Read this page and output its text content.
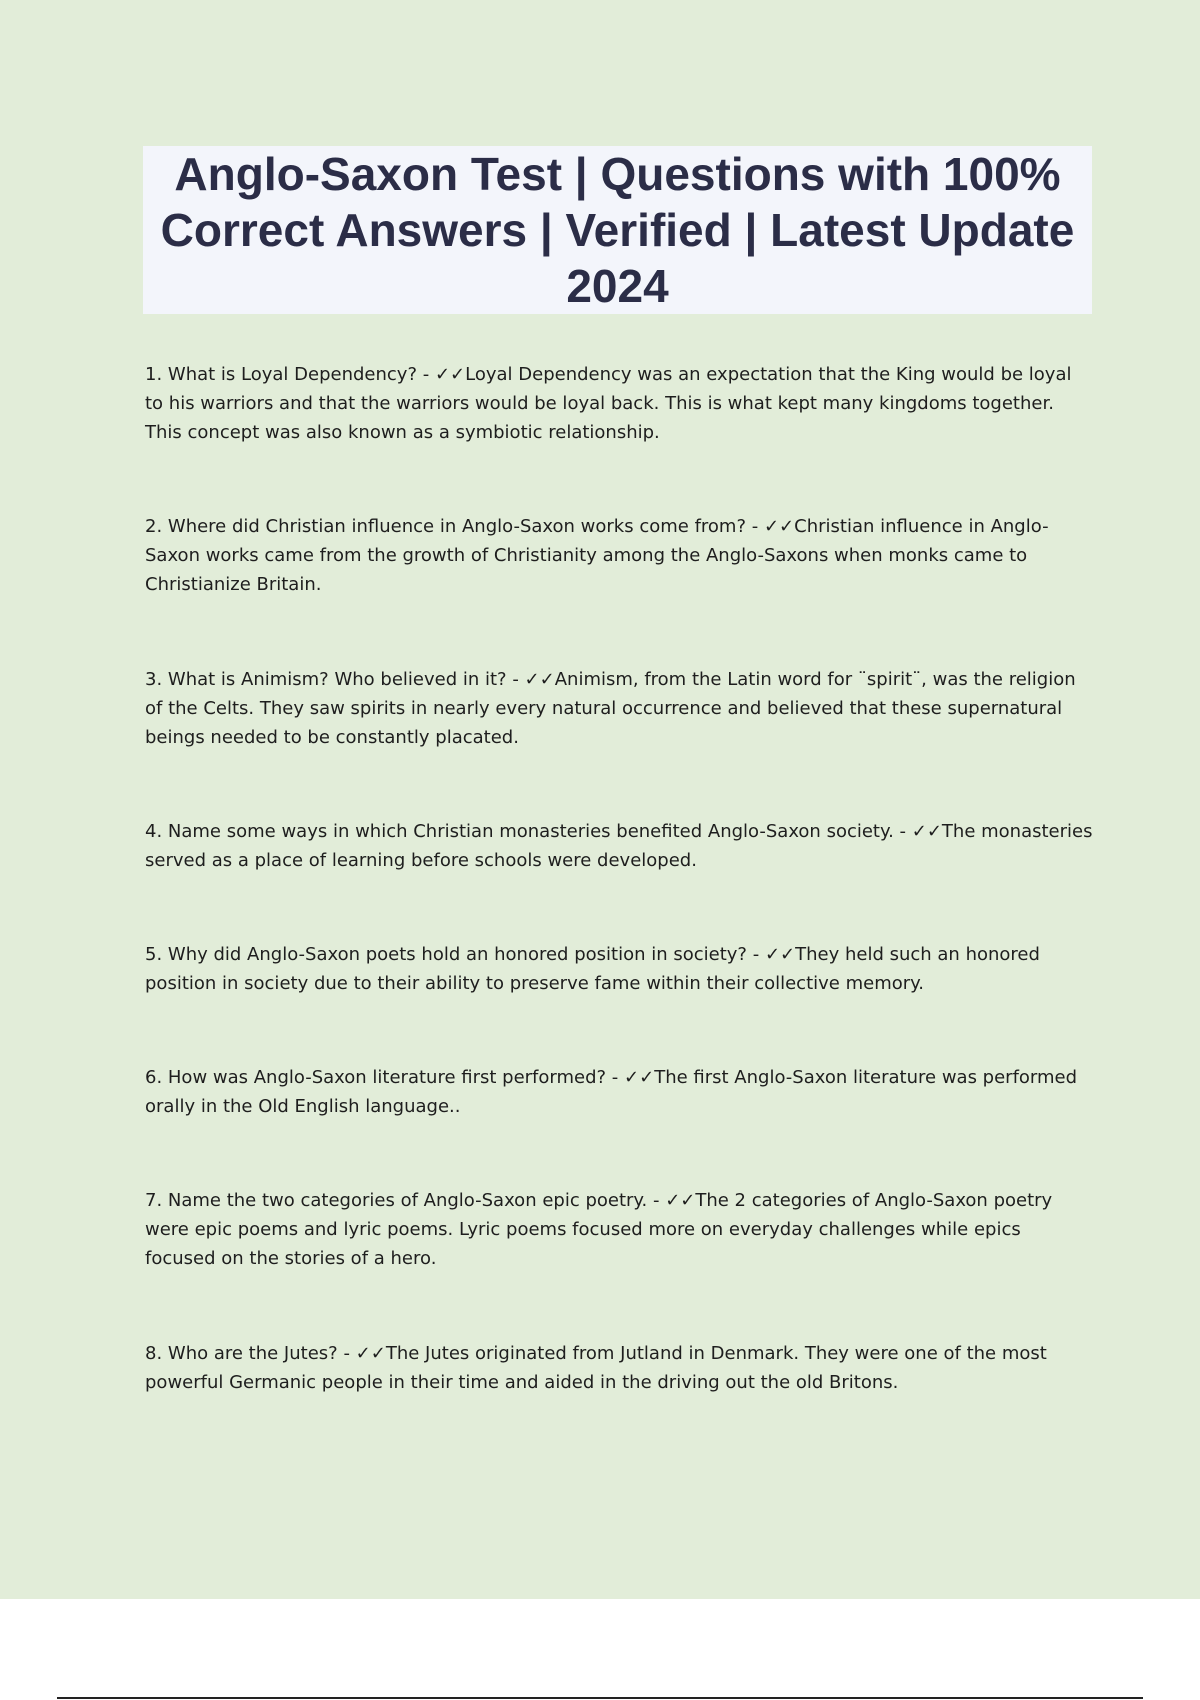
Anglo-Saxon Test | Questions with 100% Correct Answers | Verified | Latest Update 2024
1. What is Loyal Dependency? - ✓✓Loyal Dependency was an expectation that the King would be loyal to his warriors and that the warriors would be loyal back. This is what kept many kingdoms together. This concept was also known as a symbiotic relationship.
2. Where did Christian influence in Anglo-Saxon works come from? - ✓✓Christian influence in Anglo-Saxon works came from the growth of Christianity among the Anglo-Saxons when monks came to Christianize Britain.
3. What is Animism? Who believed in it? - ✓✓Animism, from the Latin word for ¨spirit¨, was the religion of the Celts. They saw spirits in nearly every natural occurrence and believed that these supernatural beings needed to be constantly placated.
4. Name some ways in which Christian monasteries benefited Anglo-Saxon society. - ✓✓The monasteries served as a place of learning before schools were developed.
5. Why did Anglo-Saxon poets hold an honored position in society? - ✓✓They held such an honored position in society due to their ability to preserve fame within their collective memory.
6. How was Anglo-Saxon literature first performed? - ✓✓The first Anglo-Saxon literature was performed orally in the Old English language..
7. Name the two categories of Anglo-Saxon epic poetry. - ✓✓The 2 categories of Anglo-Saxon poetry were epic poems and lyric poems. Lyric poems focused more on everyday challenges while epics focused on the stories of a hero.
8. Who are the Jutes? - ✓✓The Jutes originated from Jutland in Denmark. They were one of the most powerful Germanic people in their time and aided in the driving out the old Britons.
